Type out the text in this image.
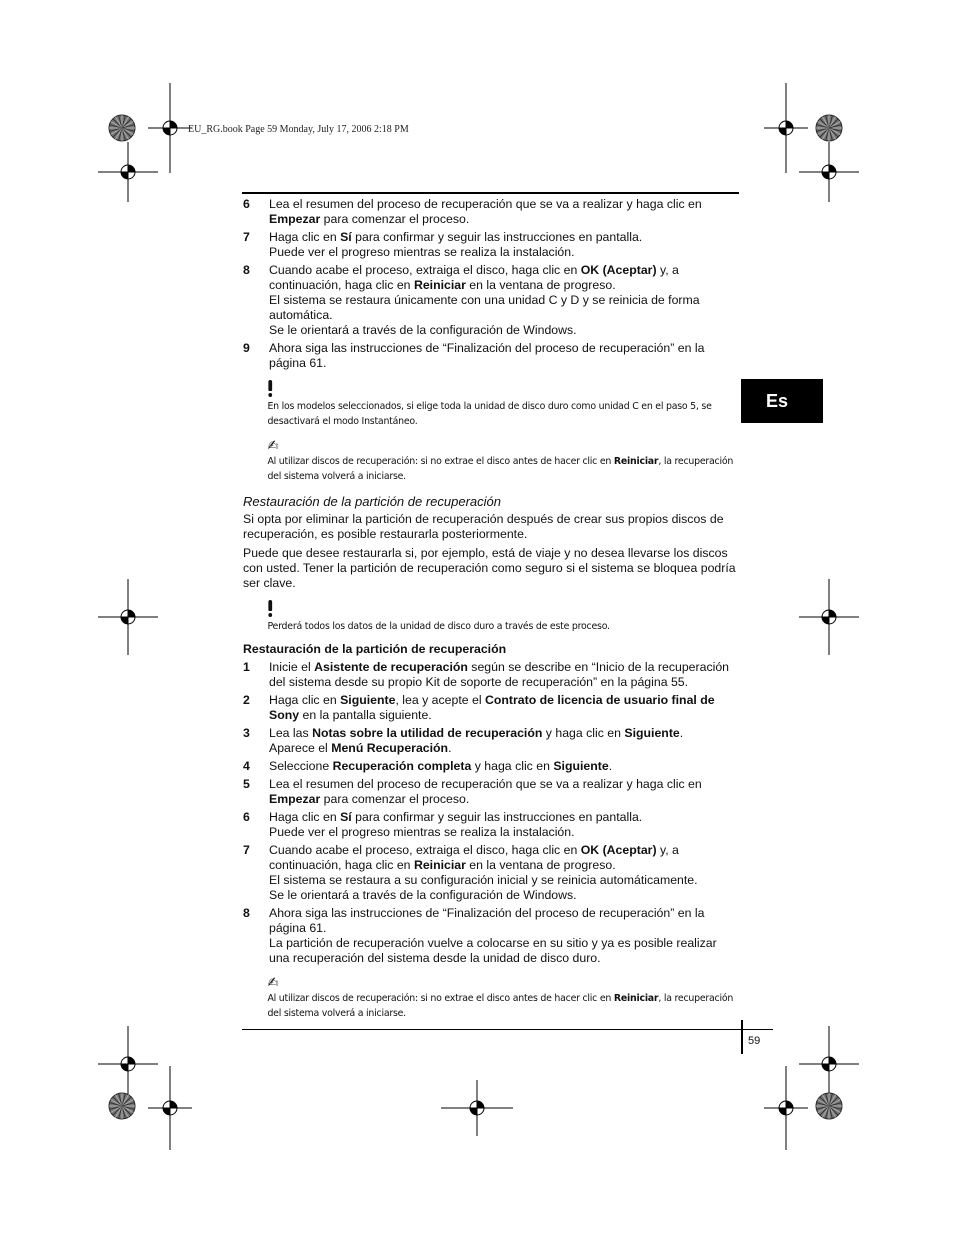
EU_RG.book Page 59 Monday, July 17, 2006 2:18 PM
Es
6	Lea el resumen del proceso de recuperación que se va a realizar y haga clic en Empezar para comenzar el proceso.
7	Haga clic en Sí para confirmar y seguir las instrucciones en pantalla.
Puede ver el progreso mientras se realiza la instalación.
8	Cuando acabe el proceso, extraiga el disco, haga clic en OK (Aceptar) y, a continuación, haga clic en Reiniciar en la ventana de progreso.
El sistema se restaura únicamente con una unidad C y D y se reinicia de forma automática.
Se le orientará a través de la configuración de Windows.
9	Ahora siga las instrucciones de “Finalización del proceso de recuperación” en la página 61.
En los modelos seleccionados, si elige toda la unidad de disco duro como unidad C en el paso 5, se desactivará el modo Instantáneo.
✍
Al utilizar discos de recuperación: si no extrae el disco antes de hacer clic en Reiniciar, la recuperación del sistema volverá a iniciarse.
Restauración de la partición de recuperación
Si opta por eliminar la partición de recuperación después de crear sus propios discos de recuperación, es posible restaurarla posteriormente.
Puede que desee restaurarla si, por ejemplo, está de viaje y no desea llevarse los discos con usted. Tener la partición de recuperación como seguro si el sistema se bloquea podría ser clave.
Perderá todos los datos de la unidad de disco duro a través de este proceso.
Restauración de la partición de recuperación
1	Inicie el Asistente de recuperación según se describe en “Inicio de la recuperación del sistema desde su propio Kit de soporte de recuperación” en la página 55.
2	Haga clic en Siguiente, lea y acepte el Contrato de licencia de usuario final de Sony en la pantalla siguiente.
3	Lea las Notas sobre la utilidad de recuperación y haga clic en Siguiente.
Aparece el Menú Recuperación.
4	Seleccione Recuperación completa y haga clic en Siguiente.
5	Lea el resumen del proceso de recuperación que se va a realizar y haga clic en Empezar para comenzar el proceso.
6	Haga clic en Sí para confirmar y seguir las instrucciones en pantalla.
Puede ver el progreso mientras se realiza la instalación.
7	Cuando acabe el proceso, extraiga el disco, haga clic en OK (Aceptar) y, a continuación, haga clic en Reiniciar en la ventana de progreso.
El sistema se restaura a su configuración inicial y se reinicia automáticamente.
Se le orientará a través de la configuración de Windows.
8	Ahora siga las instrucciones de “Finalización del proceso de recuperación” en la página 61.
La partición de recuperación vuelve a colocarse en su sitio y ya es posible realizar una recuperación del sistema desde la unidad de disco duro.
✍
Al utilizar discos de recuperación: si no extrae el disco antes de hacer clic en Reiniciar, la recuperación del sistema volverá a iniciarse.
59
